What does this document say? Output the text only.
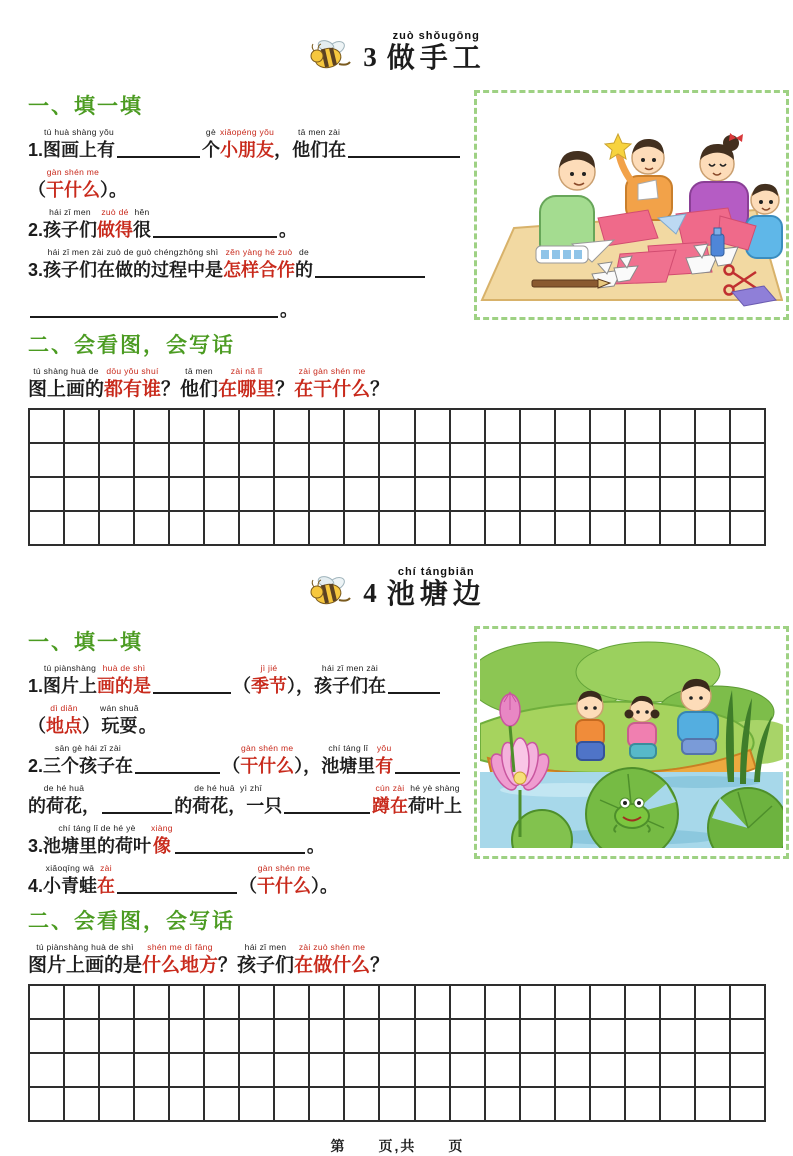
3
zuò shǒugōng
做手工
一、填一填
1.
tú huà shàng yǒu
图画上有
gè
个
xiǎopéng yǒu
小朋友 ，
tā men zài
他们在
（
gàn shén me
干什么 ）。
2.
hái zǐ men
孩子们
zuò dé
做得
hěn
很	。
3.
hái zǐ men zài zuò de guò chéngzhōng shì
孩子们在做的过程中是
zěn yàng hé zuò
怎样合作
de
的
。
二、会看图，会写话
tú shàng huà de
图上画的
dōu yǒu shuí
都有谁 ？
tā men
他们
zài nǎ lǐ
在哪里 ？
zài gàn shén me
在干什么 ？

4
chí tángbiān
池塘边
一、填一填
1.
tú piànshàng
图片上
huà de shì
画的是	（
jì jié
季节 ），
hái zǐ men zài
孩子们在
（
dì diǎn
地点 ）
wán shuǎ
玩耍 。
2.
sān gè hái zǐ zài
三个孩子在	（
gàn shén me
干什么 ），
chí táng lǐ
池塘里
yǒu
有
de hé huā
的荷花，
de hé huā  yì zhī
的荷花，一只
cún zài
蹲在
hé yè shàng
荷叶上
3.
chí táng lǐ de hé yè
池塘里的荷叶
xiàng
像	。
4.
xiǎoqīng wā
小青蛙
zài
在	（
gàn shén me
干什么 ）。
二、会看图，会写话
tú piànshàng huà de shì
图片上画的是
shén me dì fāng
什么地方 ？
hái zǐ men
孩子们
zài zuò shén me
在做什么 ？

第　　页,共　　页
